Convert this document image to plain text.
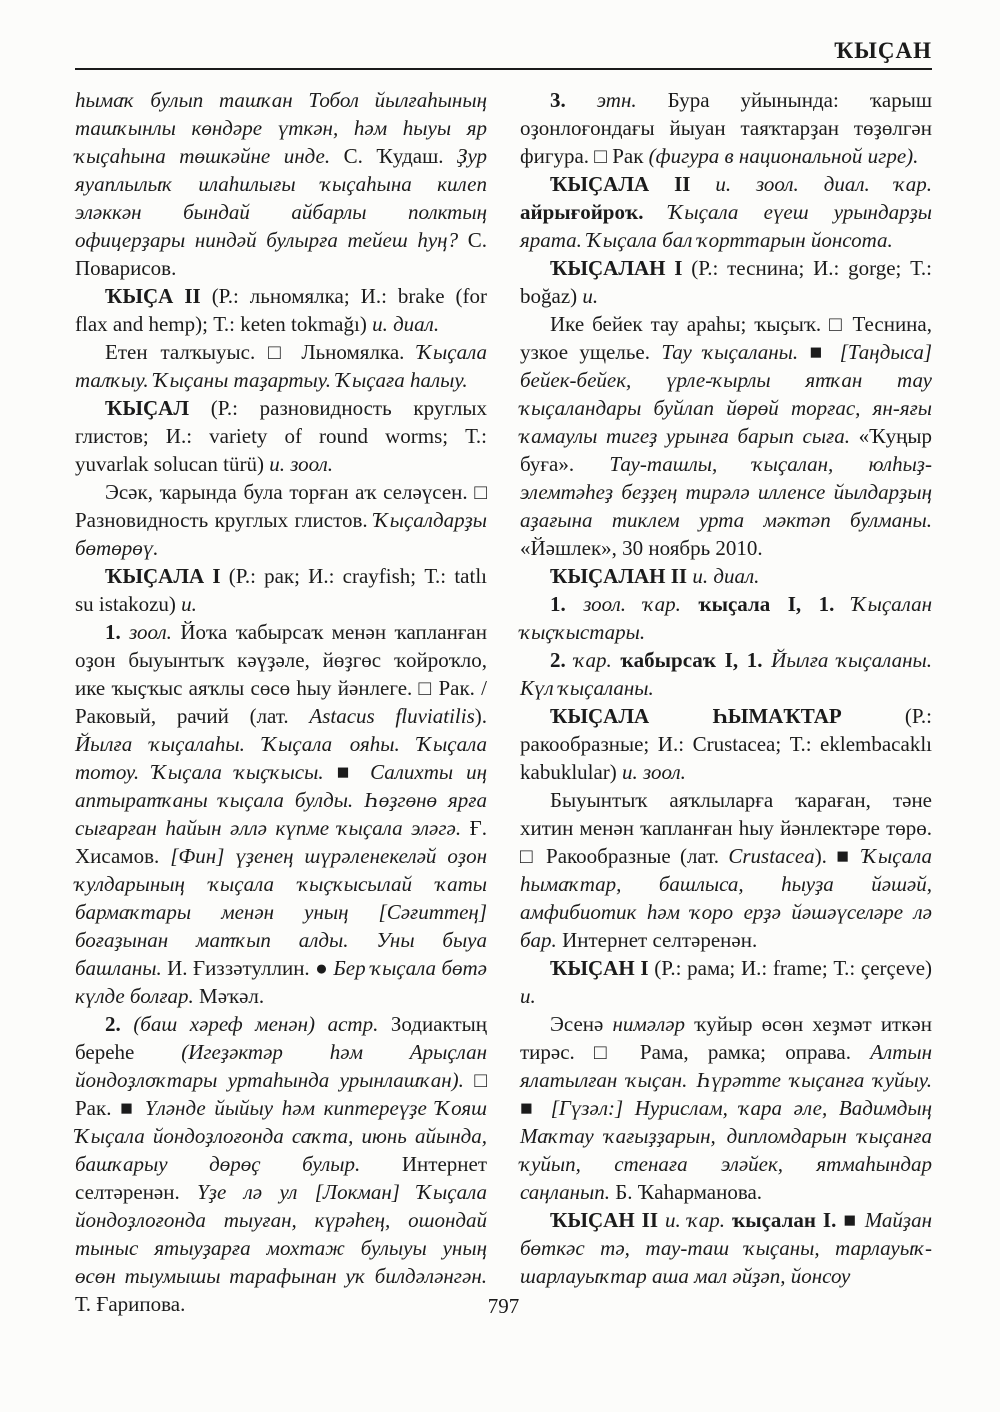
ҠЫҪАН
һымаҡ булып ташҡан Тобол йылғаһының ташҡынлы көндәре үткән, һәм һыуы яр ҡыҫаһына төшкәйне инде. С. Ҡудаш. Ҙур яуаплылыҡ илаһилығы ҡыҫаһына килеп эләккән бындай айбарлы полктың офицерҙары ниндәй булырға тейеш һуң? С. Поварисов.
ҠЫҪА II (Р.: льномялка; И.: brake (for flax and hemp); Т.: keten tokmağı) и. диал.
Етен талҡыуыс. □ Льномялка. Ҡыҫала талҡыу. Ҡыҫаны таҙартыу. Ҡыҫаға һалыу.
ҠЫҪАЛ (Р.: разновидность круглых глистов; И.: variety of round worms; Т.: yuvarlak solucan türü) и. зоол.
Эсәк, ҡарында була торған аҡ селәүсен. □ Разновидность круглых глистов. Ҡыҫалдарҙы бөтөрөү.
ҠЫҪАЛА I (Р.: рак; И.: crayfish; Т.: tatlı su istakozu) и.
1. зоол. Йоҡа ҡабырсаҡ менән ҡапланған оҙон быуынтыҡ кәүҙәле, йөҙгөс ҡойроҡло, ике ҡыҫҡыс аяҡлы сөсө һыу йәнлеге. □ Рак. / Раковый, рачий (лат. Astacus fluviatilis). Йылға ҡыҫалаһы. Ҡыҫала ояһы. Ҡыҫала тотоу. Ҡыҫала ҡыҫҡысы. ■ Салихты иң аптыратҡаны ҡыҫала булды. Һөҙгөнө ярға сығарған һайын әллә күпме ҡыҫала эләгә. Ғ. Хисамов. [Фин] үҙенең шүрәленекеләй оҙон ҡулдарының ҡыҫала ҡыҫҡысылай ҡаты бармаҡтары менән уның [Сәғиттең] боғаҙынан матҡып алды. Уны быуа башланы. И. Ғиззәтуллин. ● Бер ҡыҫала бөтә күлде болғар. Мәҡәл.
2. (баш хәреф менән) астр. Зодиактың береһе (Игеҙәктәр һәм Арыҫлан йондоҙлоҡтары уртаһында урынлашҡан). □ Рак. ■ Үләнде йыйыу һәм киптереүҙе Ҡояш Ҡыҫала йондоҙлоғонда саҡта, июнь айында, башҡарыу дөрөҫ булыр. Интернет селтәренән. Үҙе лә ул [Локман] Ҡыҫала йондоҙлоғонда тыуған, күрәһең, ошондай тыныс ятыуҙарға мохтаж булыуы уның өсөн тыумышы тарафынан уҡ билдәләнгән. Т. Ғарипова.
3. этн. Бура уйынында: ҡарыш оҙонлоғондағы йыуан таяҡтарҙан төҙөлгән фигура. □ Рак (фигура в национальной игре).
ҠЫҪАЛА II и. зоол. диал. ҡар. айрығойроҡ. Ҡыҫала еүеш урындарҙы ярата. Ҡыҫала бал ҡорттарын йонсота.
ҠЫҪАЛАН I (Р.: теснина; И.: gorge; Т.: boğaz) и.
Ике бейек тау араһы; ҡыҫыҡ. □ Теснина, узкое ущелье. Тау ҡыҫаланы. ■ [Таңдыса] бейек-бейек, үрле-ҡырлы ятҡан тау ҡыҫаландары буйлап йөрөй торғас, ян-яғы ҡамаулы тигеҙ урынға барып сыға. «Ҡуңыр буға». Тау-ташлы, ҡыҫалан, юлһыҙ-элемтәһеҙ беҙҙең тирәлә илленсе йылдарҙың аҙағына тиклем урта мәктәп булманы. «Йәшлек», 30 ноябрь 2010.
ҠЫҪАЛАН II и. диал.
1. зоол. ҡар. ҡыҫала I, 1. Ҡыҫалан ҡыҫҡыстары.
2. ҡар. ҡабырсаҡ I, 1. Йылға ҡыҫаланы. Күл ҡыҫаланы.
ҠЫҪАЛА ҺЫМАҠТАР (Р.: ракообразные; И.: Crustacea; Т.: eklembacaklı kabuklular) и. зоол.
Быуынтыҡ аяҡлыларға ҡараған, тәне хитин менән ҡапланған һыу йәнлектәре төрө. □ Ракообразные (лат. Crustacea). ■ Ҡыҫала һымаҡтар, башлыса, һыуҙа йәшәй, амфибиотик һәм ҡоро ерҙә йәшәүселәре лә бар. Интернет селтәренән.
ҠЫҪАН I (Р.: рама; И.: frame; Т.: çerçeve) и.
Эсенә нимәләр ҡуйыр өсөн хеҙмәт иткән тирәс. □ Рама, рамка; оправа. Алтын ялатылған ҡыҫан. Һүрәтте ҡыҫанға ҡуйыу. ■ [Гүзәл:] Нурислам, ҡара әле, Вадимдың Маҡтау ҡағыҙҙарын, дипломдарын ҡыҫанға ҡуйып, стенаға эләйек, ятмаһындар саңланып. Б. Ҡаһарманова.
ҠЫҪАН II и. ҡар. ҡыҫалан I. ■ Майҙан бөткәс тә, тау-таш ҡыҫаны, тарлауыҡ-шарлауыҡтар аша мал әйҙәп, йонсоу
797
